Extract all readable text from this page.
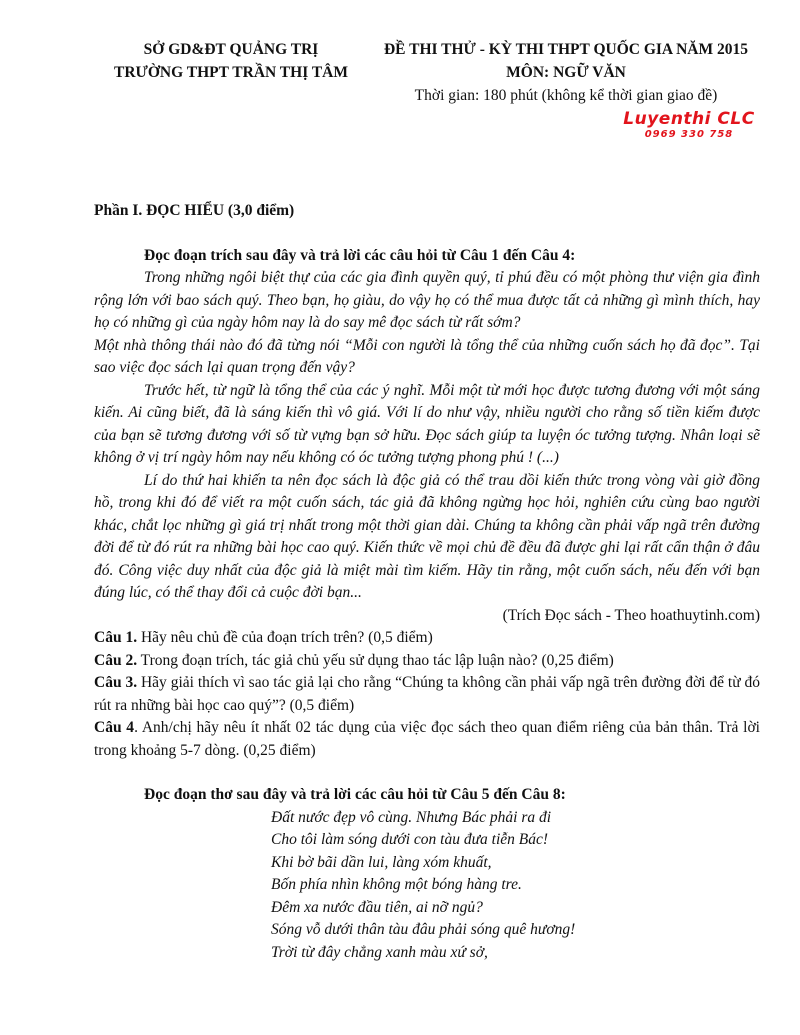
SỞ GD&ĐT QUẢNG TRỊ
TRƯỜNG THPT TRẦN THỊ TÂM
ĐỀ THI THỬ - KỲ THI THPT QUỐC GIA NĂM 2015
MÔN: NGỮ VĂN
Thời gian: 180 phút (không kể thời gian giao đề)
Luyenthi CLC
0969 330 758

Phần I. ĐỌC HIỂU (3,0 điểm)

Đọc đoạn trích sau đây và trả lời các câu hỏi từ Câu 1 đến Câu 4:

Trong những ngôi biệt thự của các gia đình quyền quý, tỉ phú đều có một phòng thư viện gia đình rộng lớn với bao sách quý. Theo bạn, họ giàu, do vậy họ có thể mua được tất cả những gì mình thích, hay họ có những gì của ngày hôm nay là do say mê đọc sách từ rất sớm?

Một nhà thông thái nào đó đã từng nói “Mỗi con người là tổng thể của những cuốn sách họ đã đọc”. Tại sao việc đọc sách lại quan trọng đến vậy?

Trước hết, từ ngữ là tổng thể của các ý nghĩ. Mỗi một từ mới học được tương đương với một sáng kiến. Ai cũng biết, đã là sáng kiến thì vô giá. Với lí do như vậy, nhiều người cho rằng số tiền kiếm được của bạn sẽ tương đương với số từ vựng bạn sở hữu. Đọc sách giúp ta luyện óc tưởng tượng. Nhân loại sẽ không ở vị trí ngày hôm nay nếu không có óc tưởng tượng phong phú ! (...)

Lí do thứ hai khiến ta nên đọc sách là độc giả có thể trau dồi kiến thức trong vòng vài giờ đồng hồ, trong khi đó để viết ra một cuốn sách, tác giả đã không ngừng học hỏi, nghiên cứu cùng bao người khác, chắt lọc những gì giá trị nhất trong một thời gian dài. Chúng ta không cần phải vấp ngã trên đường đời để từ đó rút ra những bài học cao quý. Kiến thức về mọi chủ đề đều đã được ghi lại rất cẩn thận ở đâu đó. Công việc duy nhất của độc giả là miệt mài tìm kiếm. Hãy tin rằng, một cuốn sách, nếu đến với bạn đúng lúc, có thể thay đổi cả cuộc đời bạn...

(Trích Đọc sách - Theo hoathuytinh.com)

Câu 1. Hãy nêu chủ đề của đoạn trích trên? (0,5 điểm)

Câu 2. Trong đoạn trích, tác giả chủ yếu sử dụng thao tác lập luận nào? (0,25 điểm)

Câu 3. Hãy giải thích vì sao tác giả lại cho rằng “Chúng ta không cần phải vấp ngã trên đường đời để từ đó rút ra những bài học cao quý”? (0,5 điểm)

Câu 4. Anh/chị hãy nêu ít nhất 02 tác dụng của việc đọc sách theo quan điểm riêng của bản thân. Trả lời trong khoảng 5-7 dòng. (0,25 điểm)

Đọc đoạn thơ sau đây và trả lời các câu hỏi từ Câu 5 đến Câu 8:

Đất nước đẹp vô cùng. Nhưng Bác phải ra đi
Cho tôi làm sóng dưới con tàu đưa tiễn Bác!
Khi bờ bãi dần lui, làng xóm khuất,
Bốn phía nhìn không một bóng hàng tre.
Đêm xa nước đầu tiên, ai nỡ ngủ?
Sóng vỗ dưới thân tàu đâu phải sóng quê hương!
Trời từ đây chẳng xanh màu xứ sở,
